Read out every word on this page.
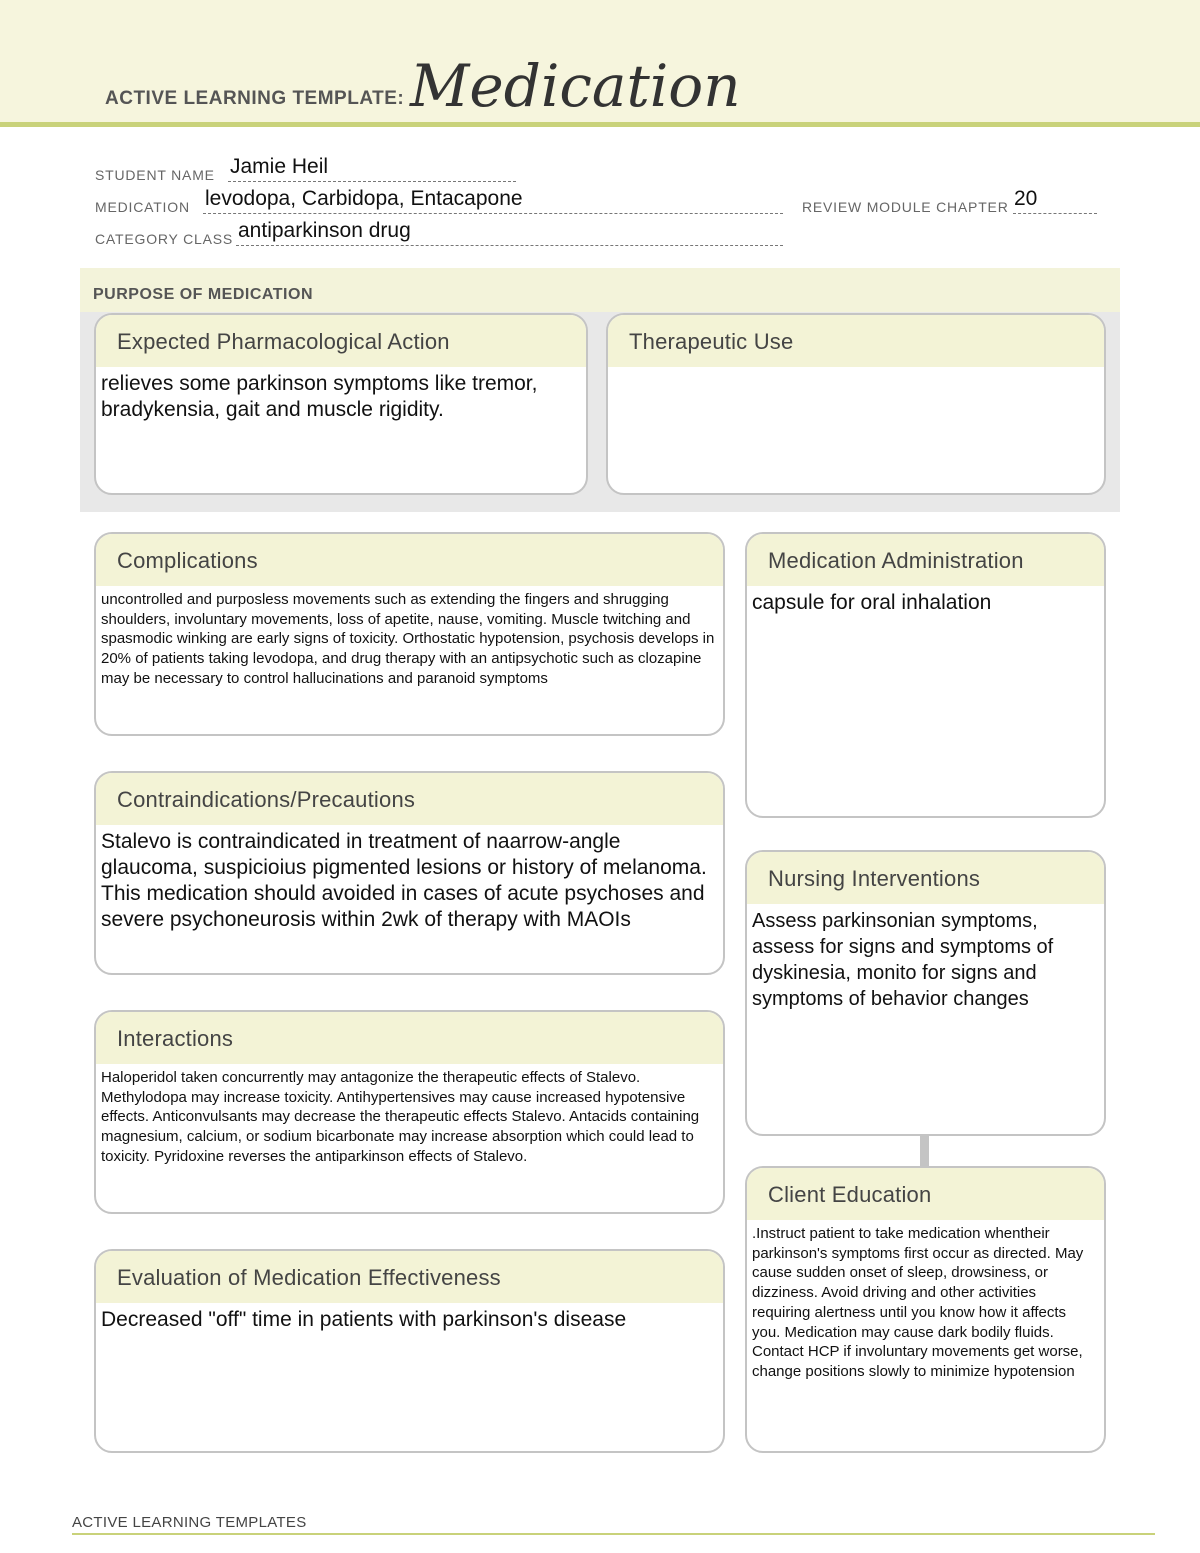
ACTIVE LEARNING TEMPLATE: Medication
STUDENT NAME Jamie Heil
MEDICATION levodopa, Carbidopa, Entacapone	REVIEW MODULE CHAPTER 20
CATEGORY CLASS antiparkinson drug
PURPOSE OF MEDICATION
Expected Pharmacological Action
relieves some parkinson symptoms like tremor, bradykensia, gait and muscle rigidity.
Therapeutic Use
Complications
uncontrolled and purposless movements such as extending the fingers and shrugging shoulders, involuntary movements, loss of apetite, nause, vomiting. Muscle twitching and spasmodic winking are early signs of toxicity. Orthostatic hypotension, psychosis develops in 20% of patients taking levodopa, and drug therapy with an antipsychotic such as clozapine may be necessary to control hallucinations and paranoid symptoms
Contraindications/Precautions
Stalevo is contraindicated in treatment of naarrow-angle glaucoma, suspicioius pigmented lesions or history of melanoma. This medication should avoided in cases of acute psychoses and severe psychoneurosis within 2wk of therapy with MAOIs
Interactions
Haloperidol taken concurrently may antagonize the therapeutic effects of Stalevo. Methylodopa may increase toxicity. Antihypertensives may cause increased hypotensive effects. Anticonvulsants may decrease the therapeutic effects Stalevo. Antacids containing magnesium, calcium, or sodium bicarbonate may increase absorption which could lead to toxicity. Pyridoxine reverses the antiparkinson effects of Stalevo.
Evaluation of Medication Effectiveness
Decreased "off" time in patients with parkinson's disease
Medication Administration
capsule for oral inhalation
Nursing Interventions
Assess parkinsonian symptoms, assess for signs and symptoms of dyskinesia, monito for signs and symptoms of behavior changes
Client Education
.Instruct patient to take medication whentheir parkinson's symptoms first occur as directed. May cause sudden onset of sleep, drowsiness, or dizziness. Avoid driving and other activities requiring alertness until you know how it affects you. Medication may cause dark bodily fluids. Contact HCP if involuntary movements get worse, change positions slowly to minimize hypotension
ACTIVE LEARNING TEMPLATES
